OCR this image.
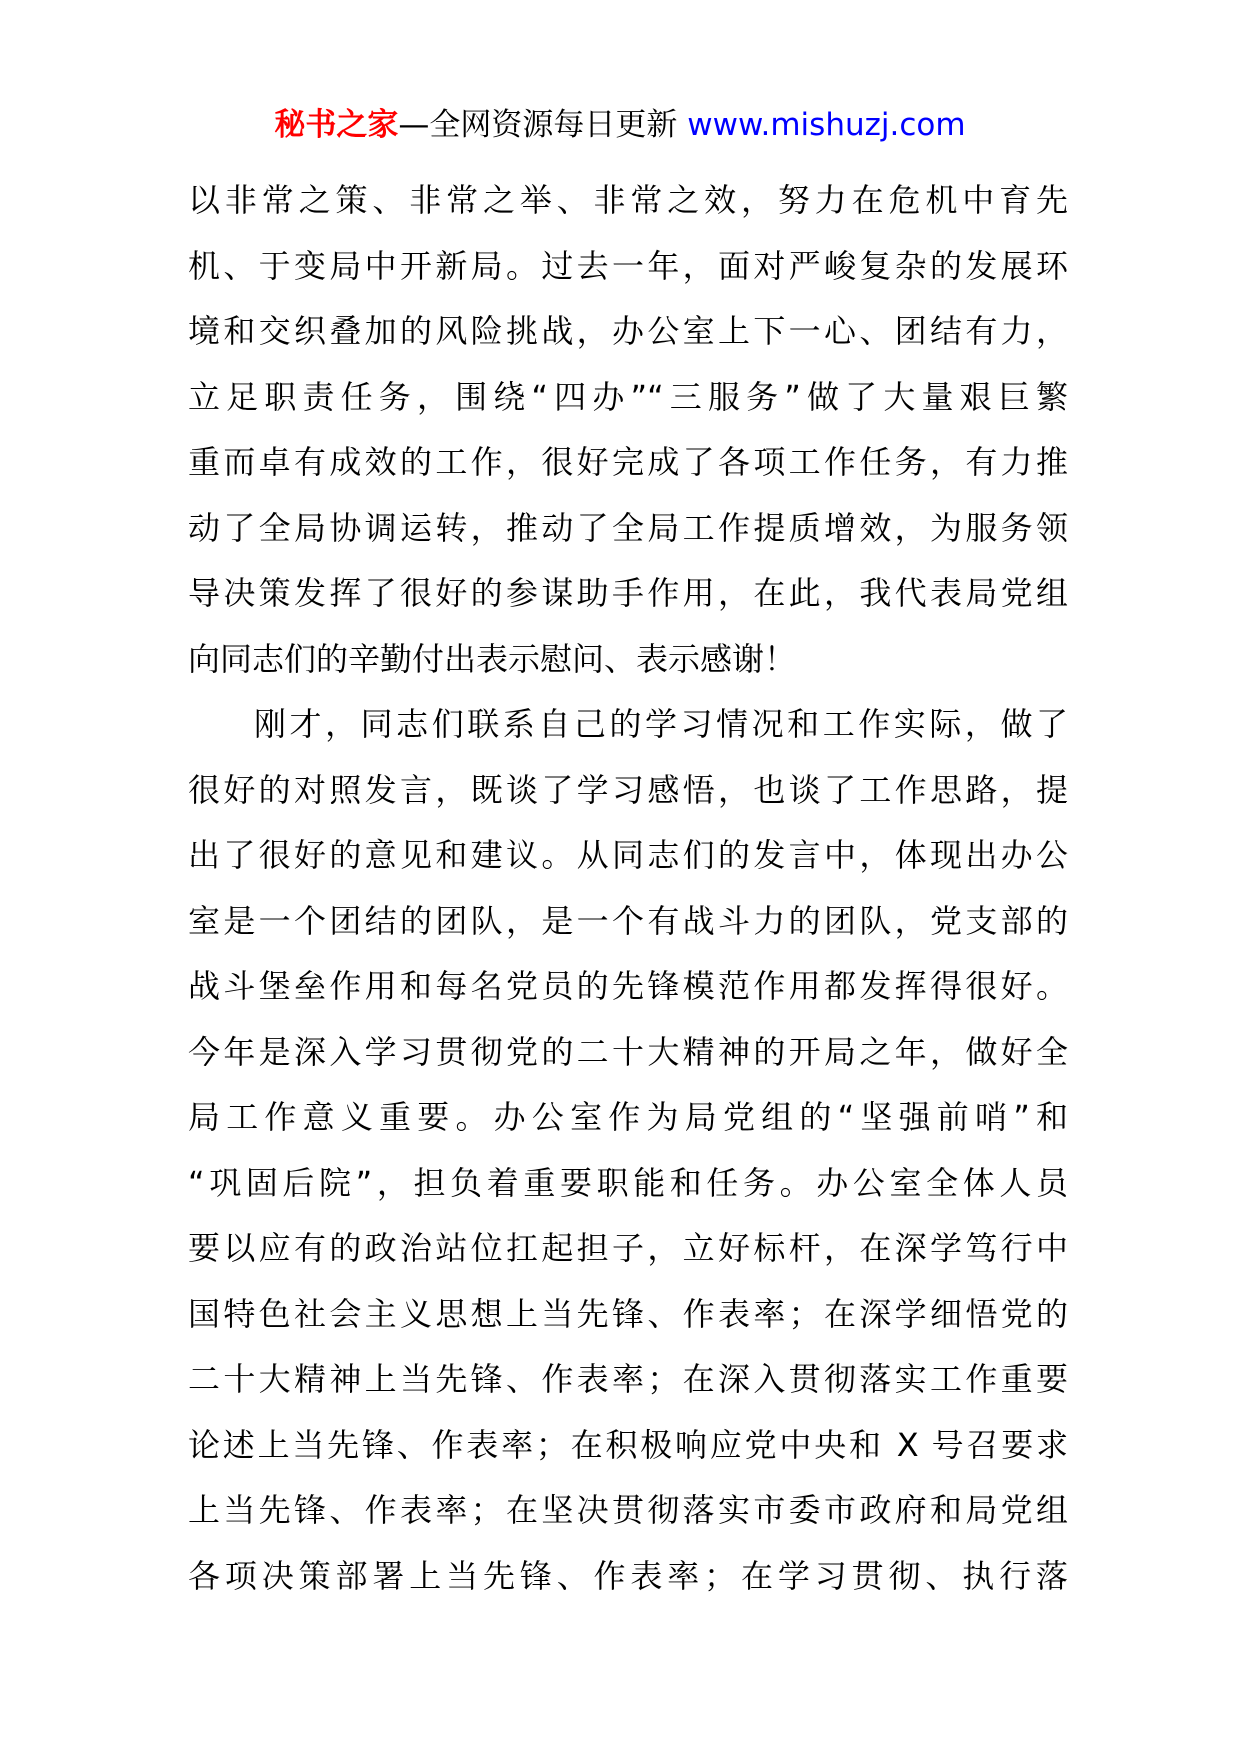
秘书之家—全网资源每日更新 www.mishuzj.com
以非常之策、非常之举、非常之效，努力在危机中育先
机、于变局中开新局。过去一年，面对严峻复杂的发展环
境和交织叠加的风险挑战，办公室上下一心、团结有力，
立足职责任务，围绕“四办”“三服务”做了大量艰巨繁
重而卓有成效的工作，很好完成了各项工作任务，有力推
动了全局协调运转，推动了全局工作提质增效，为服务领
导决策发挥了很好的参谋助手作用，在此，我代表局党组
向同志们的辛勤付出表示慰问、表示感谢！
刚才，同志们联系自己的学习情况和工作实际，做了
很好的对照发言，既谈了学习感悟，也谈了工作思路，提
出了很好的意见和建议。从同志们的发言中，体现出办公
室是一个团结的团队，是一个有战斗力的团队，党支部的
战斗堡垒作用和每名党员的先锋模范作用都发挥得很好。
今年是深入学习贯彻党的二十大精神的开局之年，做好全
局工作意义重要。办公室作为局党组的“坚强前哨”和
“巩固后院”，担负着重要职能和任务。办公室全体人员
要以应有的政治站位扛起担子，立好标杆，在深学笃行中
国特色社会主义思想上当先锋、作表率；在深学细悟党的
二十大精神上当先锋、作表率；在深入贯彻落实工作重要
论述上当先锋、作表率；在积极响应党中央和 X 号召要求
上当先锋、作表率；在坚决贯彻落实市委市政府和局党组
各项决策部署上当先锋、作表率；在学习贯彻、执行落
